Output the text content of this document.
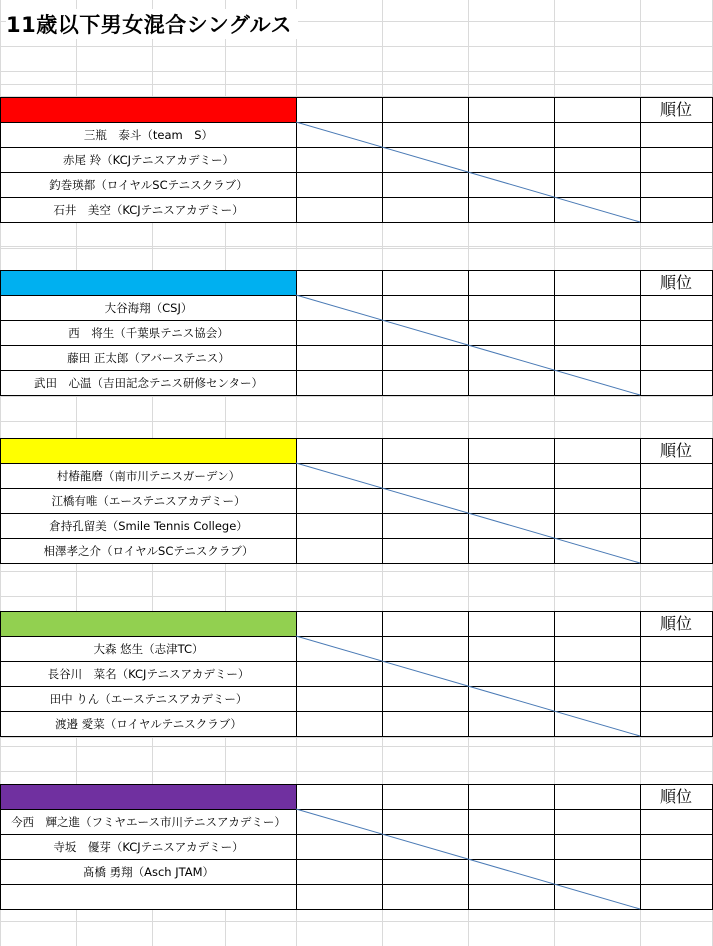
11歳以下男女混合シングルス
順位
三瓶　泰斗（team　S）
赤尾 羚（KCJテニスアカデミー）
釣巻瑛都（ロイヤルSCテニスクラブ）
石井　美空（KCJテニスアカデミー）
順位
大谷海翔（CSJ）
西　将生（千葉県テニス協会）
藤田 正太郎（アバーステニス）
武田　心温（吉田記念テニス研修センター）
順位
村椿龍磨（南市川テニスガーデン）
江橋有唯（エーステニスアカデミー）
倉持孔留美（Smile Tennis College）
相澤孝之介（ロイヤルSCテニスクラブ）
順位
大森 悠生（志津TC）
長谷川　菜名（KCJテニスアカデミー）
田中 りん（エーステニスアカデミー）
渡邉 愛菜（ロイヤルテニスクラブ）
順位
今西　輝之進（フミヤエース市川テニスアカデミー）
寺坂　優芽（KCJテニスアカデミー）
髙橋 勇翔（Asch JTAM）
